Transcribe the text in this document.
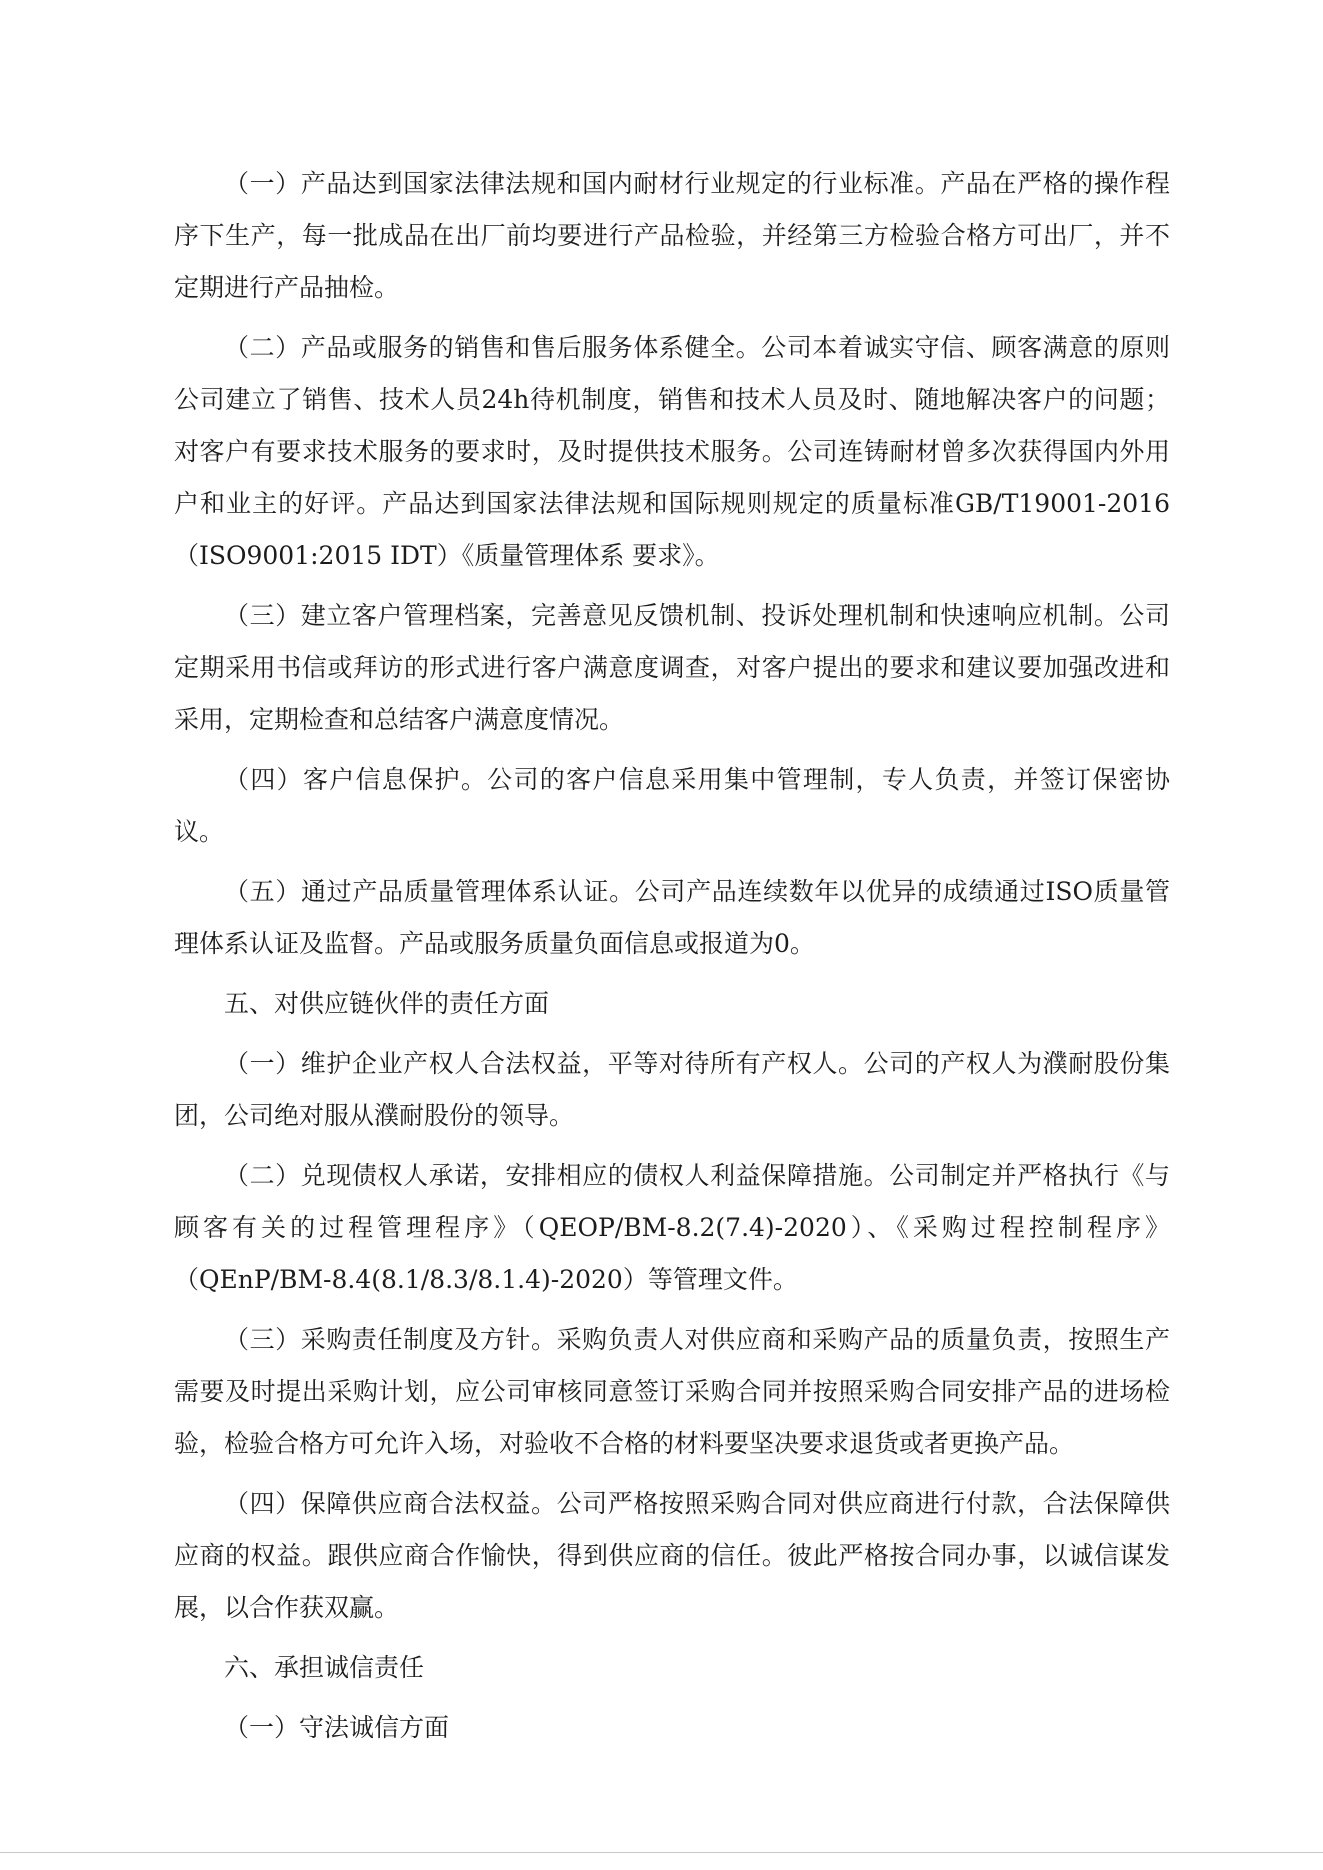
（一）产品达到国家法律法规和国内耐材行业规定的行业标准。产品在严格的操作程序下生产，每一批成品在出厂前均要进行产品检验，并经第三方检验合格方可出厂，并不定期进行产品抽检。

（二）产品或服务的销售和售后服务体系健全。公司本着诚实守信、顾客满意的原则公司建立了销售、技术人员24h待机制度，销售和技术人员及时、随地解决客户的问题；对客户有要求技术服务的要求时，及时提供技术服务。公司连铸耐材曾多次获得国内外用户和业主的好评。产品达到国家法律法规和国际规则规定的质量标准GB/T19001-2016（ISO9001:2015 IDT）《质量管理体系 要求》。

（三）建立客户管理档案，完善意见反馈机制、投诉处理机制和快速响应机制。公司定期采用书信或拜访的形式进行客户满意度调查，对客户提出的要求和建议要加强改进和采用，定期检查和总结客户满意度情况。

（四）客户信息保护。公司的客户信息采用集中管理制，专人负责，并签订保密协议。

（五）通过产品质量管理体系认证。公司产品连续数年以优异的成绩通过ISO质量管理体系认证及监督。产品或服务质量负面信息或报道为0。

五、对供应链伙伴的责任方面

（一）维护企业产权人合法权益，平等对待所有产权人。公司的产权人为濮耐股份集团，公司绝对服从濮耐股份的领导。

（二）兑现债权人承诺，安排相应的债权人利益保障措施。公司制定并严格执行《与顾客有关的过程管理程序》（QEOP/BM-8.2(7.4)-2020）、《采购过程控制程序》（QEnP/BM-8.4(8.1/8.3/8.1.4)-2020）等管理文件。

（三）采购责任制度及方针。采购负责人对供应商和采购产品的质量负责，按照生产需要及时提出采购计划，应公司审核同意签订采购合同并按照采购合同安排产品的进场检验，检验合格方可允许入场，对验收不合格的材料要坚决要求退货或者更换产品。

（四）保障供应商合法权益。公司严格按照采购合同对供应商进行付款，合法保障供应商的权益。跟供应商合作愉快，得到供应商的信任。彼此严格按合同办事，以诚信谋发展，以合作获双赢。

六、承担诚信责任

（一）守法诚信方面
